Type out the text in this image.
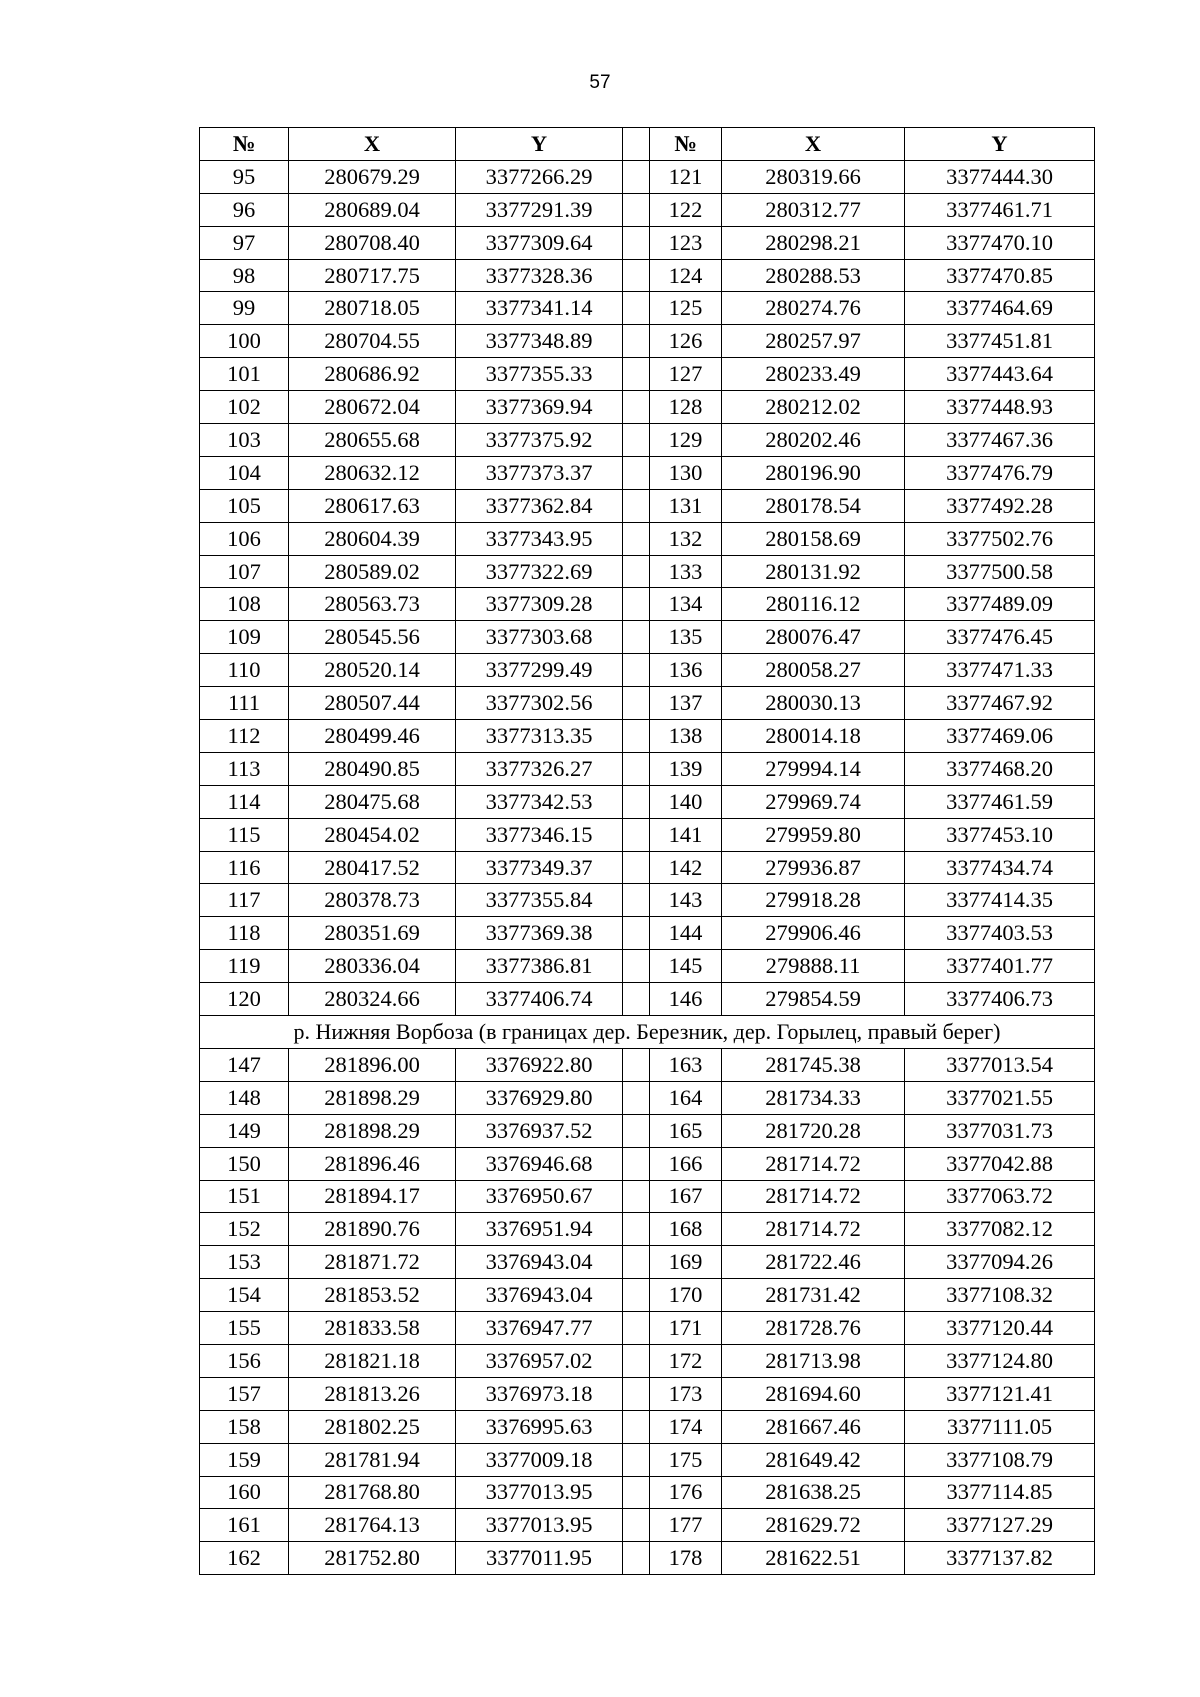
57
№	X	Y		№	X	Y
95	280679.29	3377266.29		121	280319.66	3377444.30
96	280689.04	3377291.39		122	280312.77	3377461.71
97	280708.40	3377309.64		123	280298.21	3377470.10
98	280717.75	3377328.36		124	280288.53	3377470.85
99	280718.05	3377341.14		125	280274.76	3377464.69
100	280704.55	3377348.89		126	280257.97	3377451.81
101	280686.92	3377355.33		127	280233.49	3377443.64
102	280672.04	3377369.94		128	280212.02	3377448.93
103	280655.68	3377375.92		129	280202.46	3377467.36
104	280632.12	3377373.37		130	280196.90	3377476.79
105	280617.63	3377362.84		131	280178.54	3377492.28
106	280604.39	3377343.95		132	280158.69	3377502.76
107	280589.02	3377322.69		133	280131.92	3377500.58
108	280563.73	3377309.28		134	280116.12	3377489.09
109	280545.56	3377303.68		135	280076.47	3377476.45
110	280520.14	3377299.49		136	280058.27	3377471.33
111	280507.44	3377302.56		137	280030.13	3377467.92
112	280499.46	3377313.35		138	280014.18	3377469.06
113	280490.85	3377326.27		139	279994.14	3377468.20
114	280475.68	3377342.53		140	279969.74	3377461.59
115	280454.02	3377346.15		141	279959.80	3377453.10
116	280417.52	3377349.37		142	279936.87	3377434.74
117	280378.73	3377355.84		143	279918.28	3377414.35
118	280351.69	3377369.38		144	279906.46	3377403.53
119	280336.04	3377386.81		145	279888.11	3377401.77
120	280324.66	3377406.74		146	279854.59	3377406.73
р. Нижняя Ворбоза (в границах дер. Березник, дер. Горылец, правый берег)						
147	281896.00	3376922.80		163	281745.38	3377013.54
148	281898.29	3376929.80		164	281734.33	3377021.55
149	281898.29	3376937.52		165	281720.28	3377031.73
150	281896.46	3376946.68		166	281714.72	3377042.88
151	281894.17	3376950.67		167	281714.72	3377063.72
152	281890.76	3376951.94		168	281714.72	3377082.12
153	281871.72	3376943.04		169	281722.46	3377094.26
154	281853.52	3376943.04		170	281731.42	3377108.32
155	281833.58	3376947.77		171	281728.76	3377120.44
156	281821.18	3376957.02		172	281713.98	3377124.80
157	281813.26	3376973.18		173	281694.60	3377121.41
158	281802.25	3376995.63		174	281667.46	3377111.05
159	281781.94	3377009.18		175	281649.42	3377108.79
160	281768.80	3377013.95		176	281638.25	3377114.85
161	281764.13	3377013.95		177	281629.72	3377127.29
162	281752.80	3377011.95		178	281622.51	3377137.82
